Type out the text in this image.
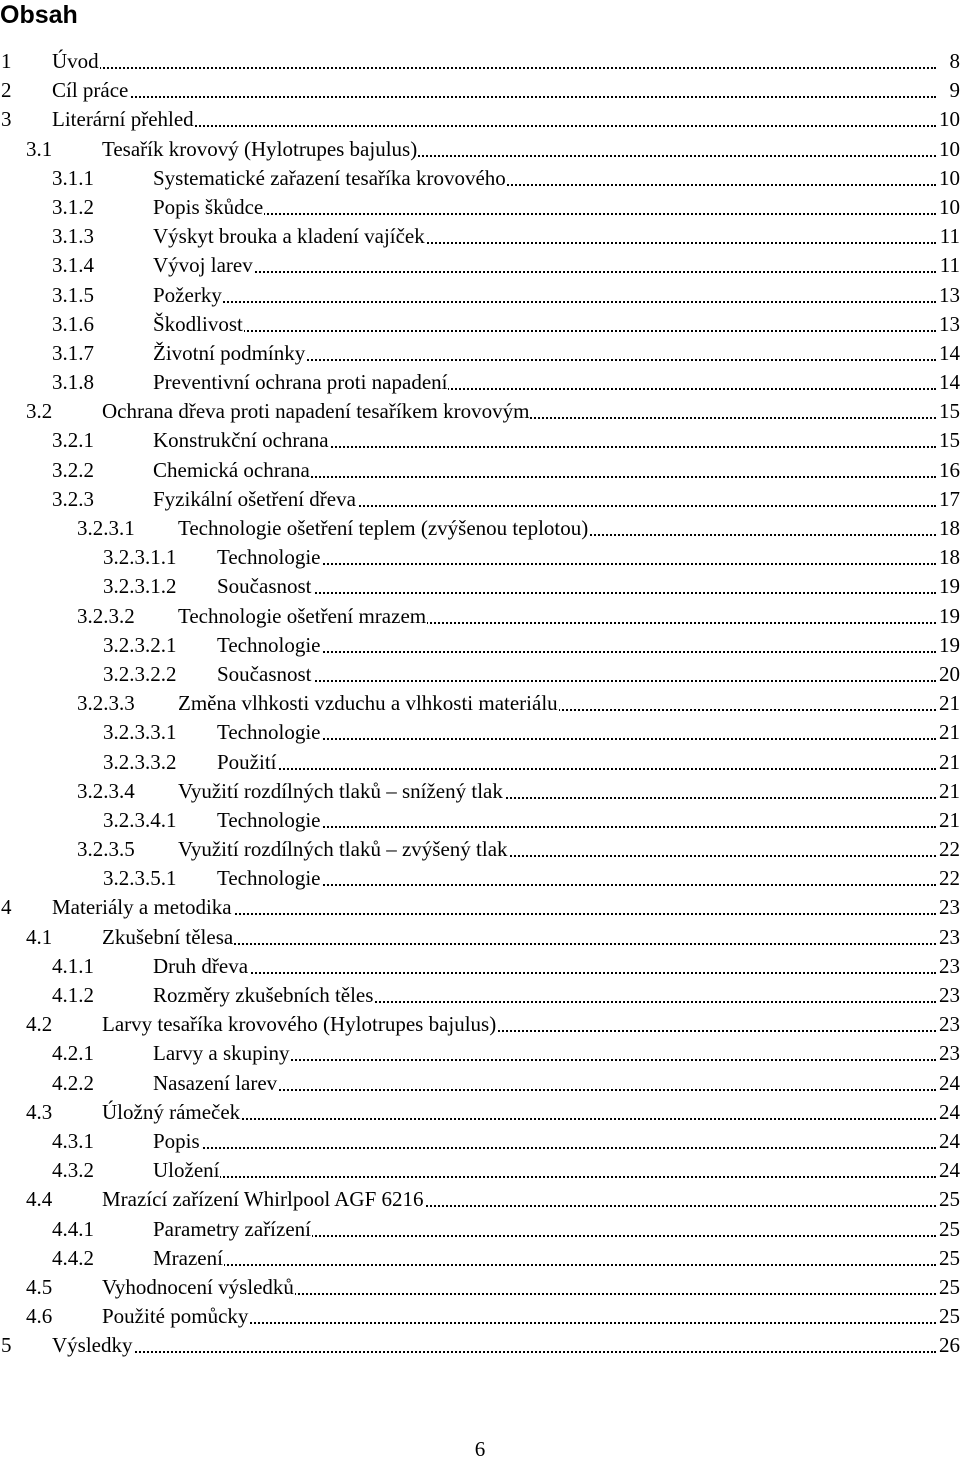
Obsah
1 Úvod	8
2 Cíl práce	9
3 Literární přehled	10
3.1 Tesařík krovový (Hylotrupes bajulus)	10
3.1.1	Systematické zařazení tesaříka krovového	10
3.1.2	Popis škůdce	10
3.1.3	Výskyt brouka a kladení vajíček	11
3.1.4	Vývoj larev	11
3.1.5	Požerky	13
3.1.6	Škodlivost	13
3.1.7	Životní podmínky	14
3.1.8	Preventivní ochrana proti napadení	14
3.2 Ochrana dřeva proti napadení tesaříkem krovovým	15
3.2.1	Konstrukční ochrana	15
3.2.2	Chemická ochrana	16
3.2.3	Fyzikální ošetření dřeva	17
3.2.3.1 Technologie ošetření teplem (zvýšenou teplotou)	18
3.2.3.1.1 Technologie	18
3.2.3.1.2 Současnost	19
3.2.3.2 Technologie ošetření mrazem	19
3.2.3.2.1 Technologie	19
3.2.3.2.2 Současnost	20
3.2.3.3 Změna vlhkosti vzduchu a vlhkosti materiálu	21
3.2.3.3.1 Technologie	21
3.2.3.3.2 Použití	21
3.2.3.4 Využití rozdílných tlaků – snížený tlak	21
3.2.3.4.1 Technologie	21
3.2.3.5 Využití rozdílných tlaků – zvýšený tlak	22
3.2.3.5.1 Technologie	22
4 Materiály a metodika	23
4.1 Zkušební tělesa	23
4.1.1	Druh dřeva	23
4.1.2	Rozměry zkušebních těles	23
4.2 Larvy tesaříka krovového (Hylotrupes bajulus)	23
4.2.1	Larvy a skupiny	23
4.2.2	Nasazení larev	24
4.3 Úložný rámeček	24
4.3.1	Popis	24
4.3.2	Uložení	24
4.4 Mrazící zařízení Whirlpool AGF 6216	25
4.4.1	Parametry zařízení	25
4.4.2	Mrazení	25
4.5 Vyhodnocení výsledků	25
4.6 Použité pomůcky	25
5 Výsledky	26
6
